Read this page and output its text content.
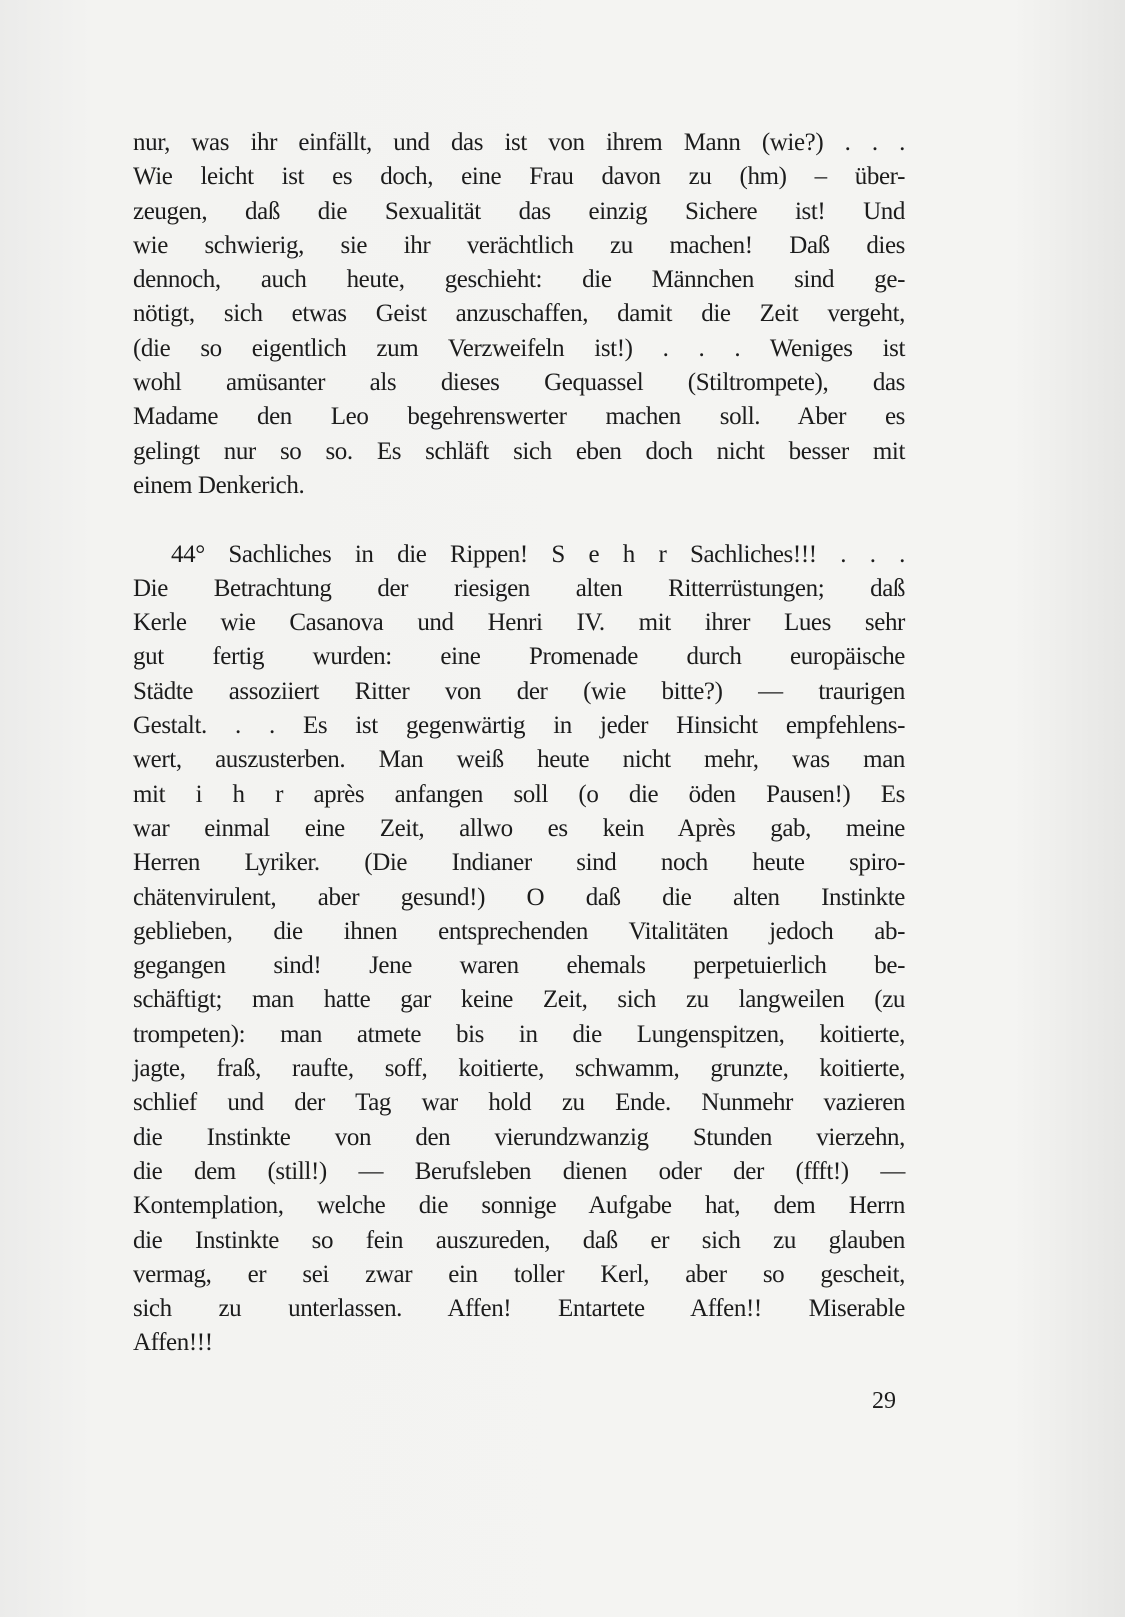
nur, was ihr einfällt, und das ist von ihrem Mann (wie?) . . .
Wie leicht ist es doch, eine Frau davon zu (hm) – über-
zeugen, daß die Sexualität das einzig Sichere ist! Und
wie schwierig, sie ihr verächtlich zu machen! Daß dies
dennoch, auch heute, geschieht: die Männchen sind ge-
nötigt, sich etwas Geist anzuschaffen, damit die Zeit vergeht,
(die so eigentlich zum Verzweifeln ist!) . . . Weniges ist
wohl amüsanter als dieses Gequassel (Stiltrompete), das
Madame den Leo begehrenswerter machen soll. Aber es
gelingt nur so so. Es schläft sich eben doch nicht besser mit
einem Denkerich.
44° Sachliches in die Rippen! S e h r Sachliches!!! . . .
Die Betrachtung der riesigen alten Ritterrüstungen; daß
Kerle wie Casanova und Henri IV. mit ihrer Lues sehr
gut fertig wurden: eine Promenade durch europäische
Städte assoziiert Ritter von der (wie bitte?) — traurigen
Gestalt. . . Es ist gegenwärtig in jeder Hinsicht empfehlens-
wert, auszusterben. Man weiß heute nicht mehr, was man
mit i h r après anfangen soll (o die öden Pausen!) Es
war einmal eine Zeit, allwo es kein Après gab, meine
Herren Lyriker. (Die Indianer sind noch heute spiro-
chätenvirulent, aber gesund!) O daß die alten Instinkte
geblieben, die ihnen entsprechenden Vitalitäten jedoch ab-
gegangen sind! Jene waren ehemals perpetuierlich be-
schäftigt; man hatte gar keine Zeit, sich zu langweilen (zu
trompeten): man atmete bis in die Lungenspitzen, koitierte,
jagte, fraß, raufte, soff, koitierte, schwamm, grunzte, koitierte,
schlief und der Tag war hold zu Ende. Nunmehr vazieren
die Instinkte von den vierundzwanzig Stunden vierzehn,
die dem (still!) — Berufsleben dienen oder der (ffft!) —
Kontemplation, welche die sonnige Aufgabe hat, dem Herrn
die Instinkte so fein auszureden, daß er sich zu glauben
vermag, er sei zwar ein toller Kerl, aber so gescheit,
sich zu unterlassen. Affen! Entartete Affen!! Miserable
Affen!!!
29
